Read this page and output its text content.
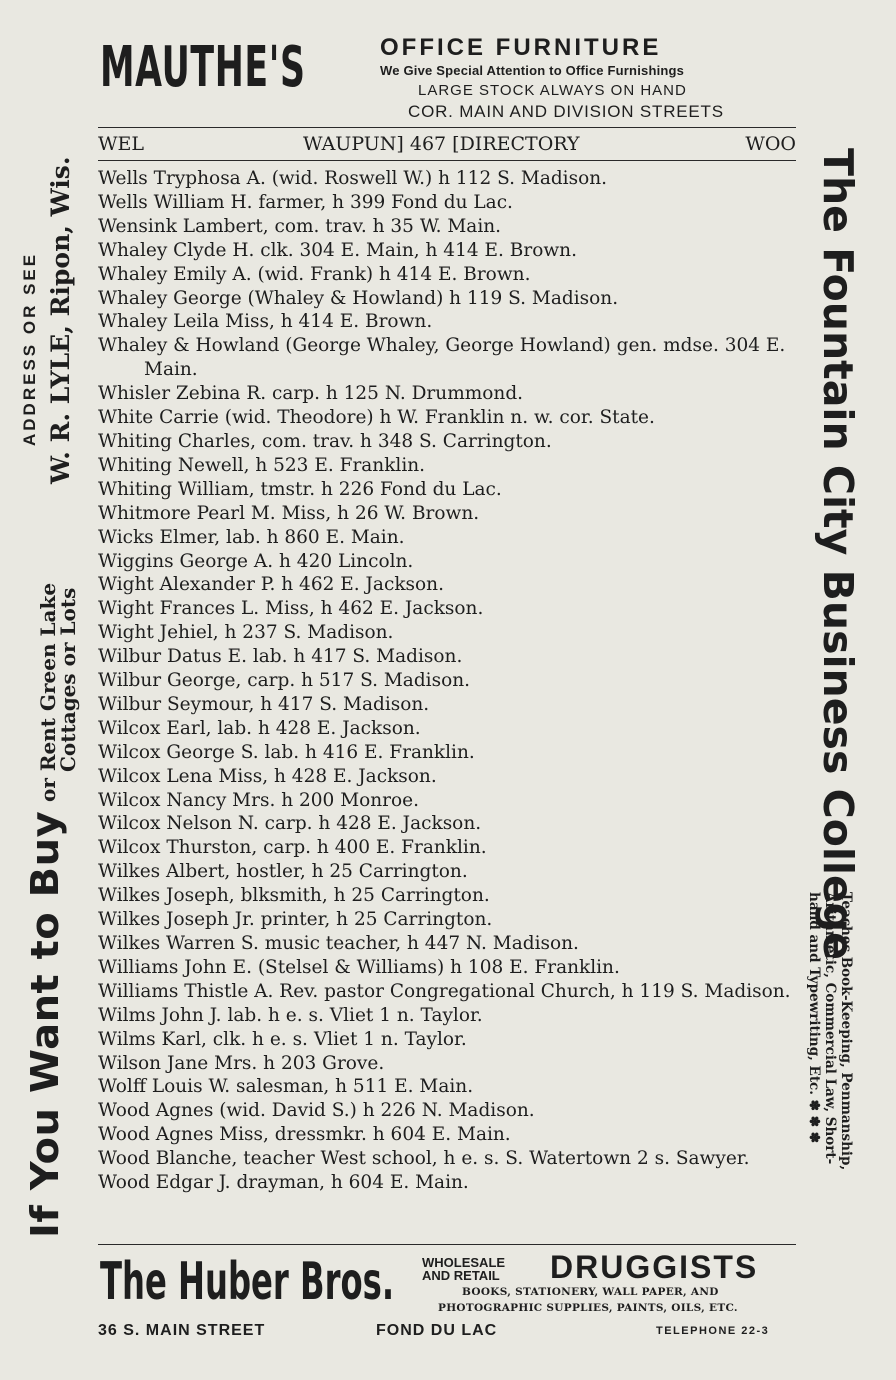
MAUTHE'S	OFFICE FURNITURE
We Give Special Attention to Office Furnishings
LARGE STOCK ALWAYS ON HAND
COR. MAIN AND DIVISION STREETS
WEL	WAUPUN] 467 [DIRECTORY	WOO
Wells Tryphosa A. (wid. Roswell W.) h 112 S. Madison.
Wells William H. farmer, h 399 Fond du Lac.
Wensink Lambert, com. trav. h 35 W. Main.
Whaley Clyde H. clk. 304 E. Main, h 414 E. Brown.
Whaley Emily A. (wid. Frank) h 414 E. Brown.
Whaley George (Whaley & Howland) h 119 S. Madison.
Whaley Leila Miss, h 414 E. Brown.
Whaley & Howland (George Whaley, George Howland) gen. mdse. 304 E. Main.
Whisler Zebina R. carp. h 125 N. Drummond.
White Carrie (wid. Theodore) h W. Franklin n. w. cor. State.
Whiting Charles, com. trav. h 348 S. Carrington.
Whiting Newell, h 523 E. Franklin.
Whiting William, tmstr. h 226 Fond du Lac.
Whitmore Pearl M. Miss, h 26 W. Brown.
Wicks Elmer, lab. h 860 E. Main.
Wiggins George A. h 420 Lincoln.
Wight Alexander P. h 462 E. Jackson.
Wight Frances L. Miss, h 462 E. Jackson.
Wight Jehiel, h 237 S. Madison.
Wilbur Datus E. lab. h 417 S. Madison.
Wilbur George, carp. h 517 S. Madison.
Wilbur Seymour, h 417 S. Madison.
Wilcox Earl, lab. h 428 E. Jackson.
Wilcox George S. lab. h 416 E. Franklin.
Wilcox Lena Miss, h 428 E. Jackson.
Wilcox Nancy Mrs. h 200 Monroe.
Wilcox Nelson N. carp. h 428 E. Jackson.
Wilcox Thurston, carp. h 400 E. Franklin.
Wilkes Albert, hostler, h 25 Carrington.
Wilkes Joseph, blksmith, h 25 Carrington.
Wilkes Joseph Jr. printer, h 25 Carrington.
Wilkes Warren S. music teacher, h 447 N. Madison.
Williams John E. (Stelsel & Williams) h 108 E. Franklin.
Williams Thistle A. Rev. pastor Congregational Church, h 119 S. Madison.
Wilms John J. lab. h e. s. Vliet 1 n. Taylor.
Wilms Karl, clk. h e. s. Vliet 1 n. Taylor.
Wilson Jane Mrs. h 203 Grove.
Wolff Louis W. salesman, h 511 E. Main.
Wood Agnes (wid. David S.) h 226 N. Madison.
Wood Agnes Miss, dressmkr. h 604 E. Main.
Wood Blanche, teacher West school, h e. s. S. Watertown 2 s. Sawyer.
Wood Edgar J. drayman, h 604 E. Main.
The Huber Bros. WHOLESALE
AND RETAIL DRUGGISTS
BOOKS, STATIONERY, WALL PAPER, AND
PHOTOGRAPHIC SUPPLIES, PAINTS, OILS, ETC.
36 S. MAIN STREET	FOND DU LAC	TELEPHONE 22-3
If You Want to Buy
or Rent Green Lake
Cottages or Lots
ADDRESS OR SEE W. R. LYLE, Ripon, Wis.	The Fountain City Business College
Teaches Book-Keeping, Penmanship,
Arithmetic, Commercial Law, Short-
hand and Typewriting, Etc. ✽ ✽ ✽
